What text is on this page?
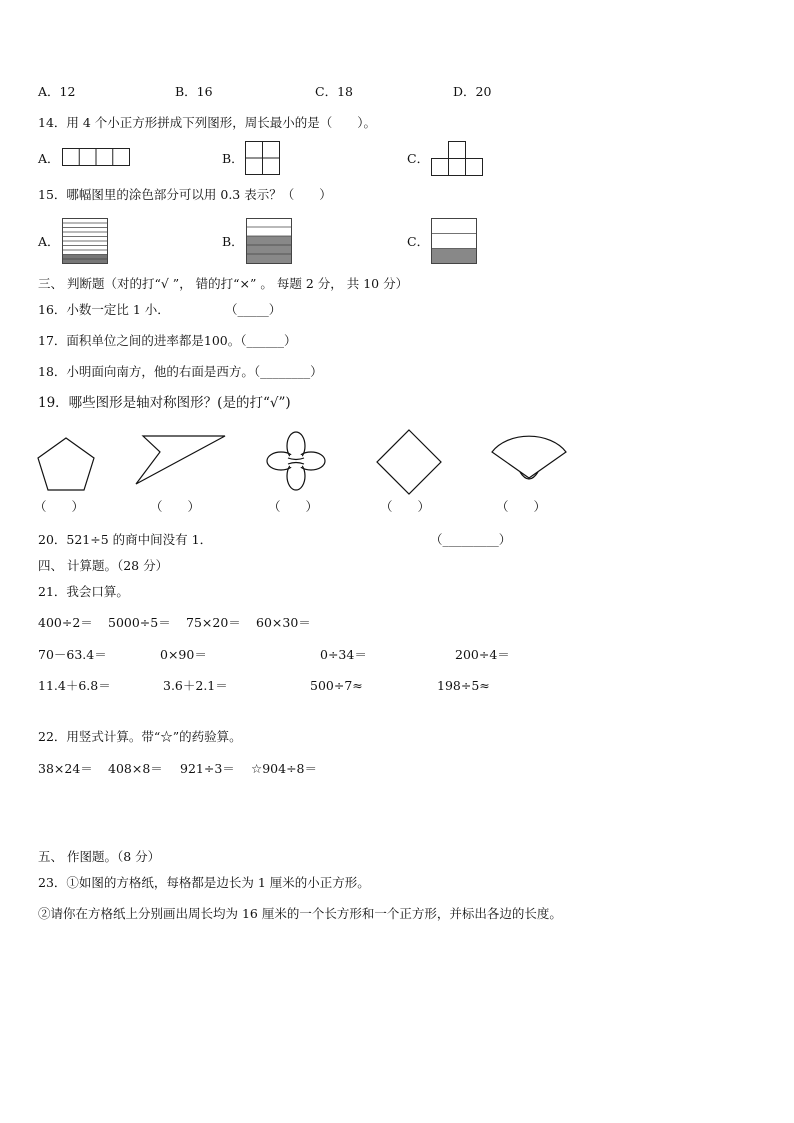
A．12	B．16	C．18	D．20
14．用 4 个小正方形拼成下列图形，周长最小的是（　　）。
A．	B．	C．
15．哪幅图里的涂色部分可以用 0.3 表示？（　　）
A．	B．	C．
三、 判断题（对的打“√ ”， 错的打“×” 。 每题 2 分， 共 10 分）
16．小数一定比 1 小．	（_____）
17．面积单位之间的进率都是100。（______）
18．小明面向南方，他的右面是西方。（________）
19．哪些图形是轴对称图形？(是的打“√”)
（　　）	（　　）	（　　）	（　　）	（　　）
20．521÷5 的商中间没有 1．	（_________）
四、 计算题。（28 分）
21．我会口算。
400÷2＝ 5000÷5＝ 75×20＝ 60×30＝
70－63.4＝	0×90＝	0÷34＝	200÷4＝
11.4＋6.8＝	3.6＋2.1＝	500÷7≈	198÷5≈
22．用竖式计算。带“☆”的药验算。
38×24＝ 408×8＝ 921÷3＝ ☆904÷8＝
五、 作图题。（8 分）
23．①如图的方格纸，每格都是边长为 1 厘米的小正方形。
②请你在方格纸上分别画出周长均为 16 厘米的一个长方形和一个正方形，并标出各边的长度。
